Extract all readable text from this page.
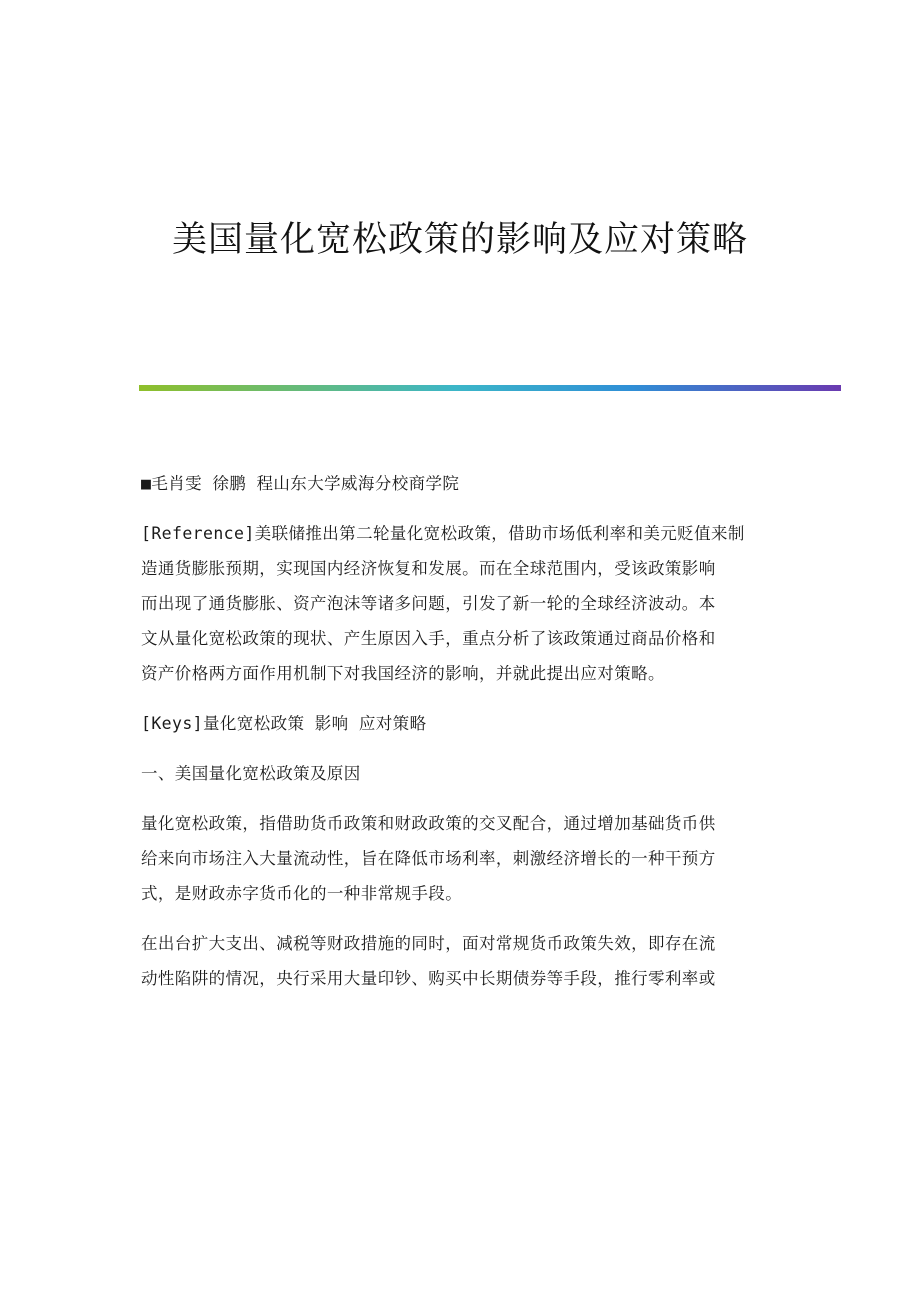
美国量化宽松政策的影响及应对策略
■毛肖雯 徐鹏 程山东大学威海分校商学院
[Reference]美联储推出第二轮量化宽松政策，借助市场低利率和美元贬值来制
造通货膨胀预期，实现国内经济恢复和发展。而在全球范围内，受该政策影响
而出现了通货膨胀、资产泡沫等诸多问题，引发了新一轮的全球经济波动。本
文从量化宽松政策的现状、产生原因入手，重点分析了该政策通过商品价格和
资产价格两方面作用机制下对我国经济的影响，并就此提出应对策略。
[Keys]量化宽松政策 影响 应对策略
一、美国量化宽松政策及原因
量化宽松政策，指借助货币政策和财政政策的交叉配合，通过增加基础货币供
给来向市场注入大量流动性，旨在降低市场利率，刺激经济增长的一种干预方
式，是财政赤字货币化的一种非常规手段。
在出台扩大支出、减税等财政措施的同时，面对常规货币政策失效，即存在流
动性陷阱的情况，央行采用大量印钞、购买中长期债券等手段，推行零利率或
